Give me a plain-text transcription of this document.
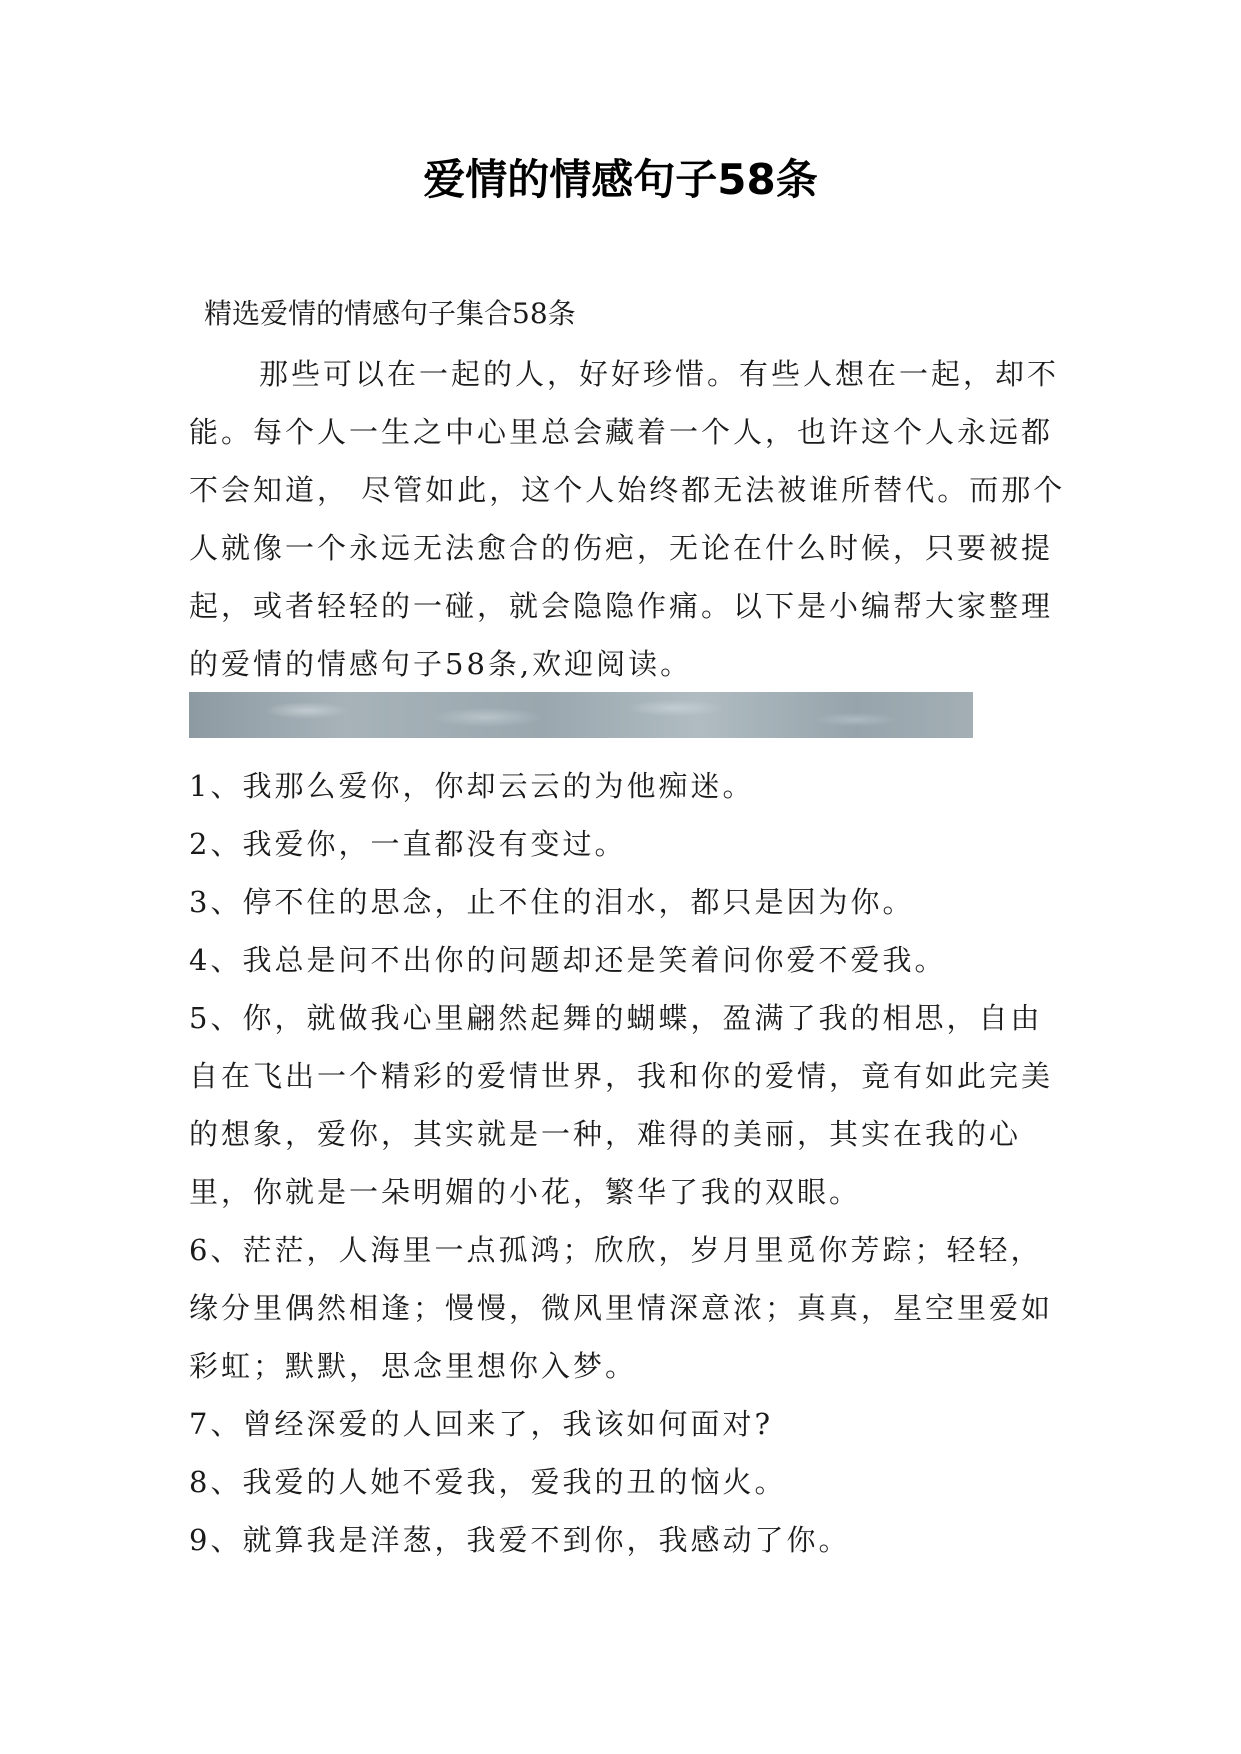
爱情的情感句子58条

精选爱情的情感句子集合58条

那些可以在一起的人，好好珍惜。有些人想在一起，却不能。每个人一生之中心里总会藏着一个人，也许这个人永远都不会知道， 尽管如此，这个人始终都无法被谁所替代。而那个人就像一个永远无法愈合的伤疤，无论在什么时候，只要被提起，或者轻轻的一碰，就会隐隐作痛。以下是小编帮大家整理的爱情的情感句子58条,欢迎阅读。

1、我那么爱你，你却云云的为他痴迷。

2、我爱你，一直都没有变过。

3、停不住的思念，止不住的泪水，都只是因为你。

4、我总是问不出你的问题却还是笑着问你爱不爱我。

5、你，就做我心里翩然起舞的蝴蝶，盈满了我的相思，自由自在飞出一个精彩的爱情世界，我和你的爱情，竟有如此完美的想象，爱你，其实就是一种，难得的美丽，其实在我的心里，你就是一朵明媚的小花，繁华了我的双眼。

6、茫茫，人海里一点孤鸿；欣欣，岁月里觅你芳踪；轻轻，缘分里偶然相逢；慢慢，微风里情深意浓；真真，星空里爱如彩虹；默默，思念里想你入梦。

7、曾经深爱的人回来了，我该如何面对?

8、我爱的人她不爱我，爱我的丑的恼火。

9、就算我是洋葱，我爱不到你，我感动了你。
